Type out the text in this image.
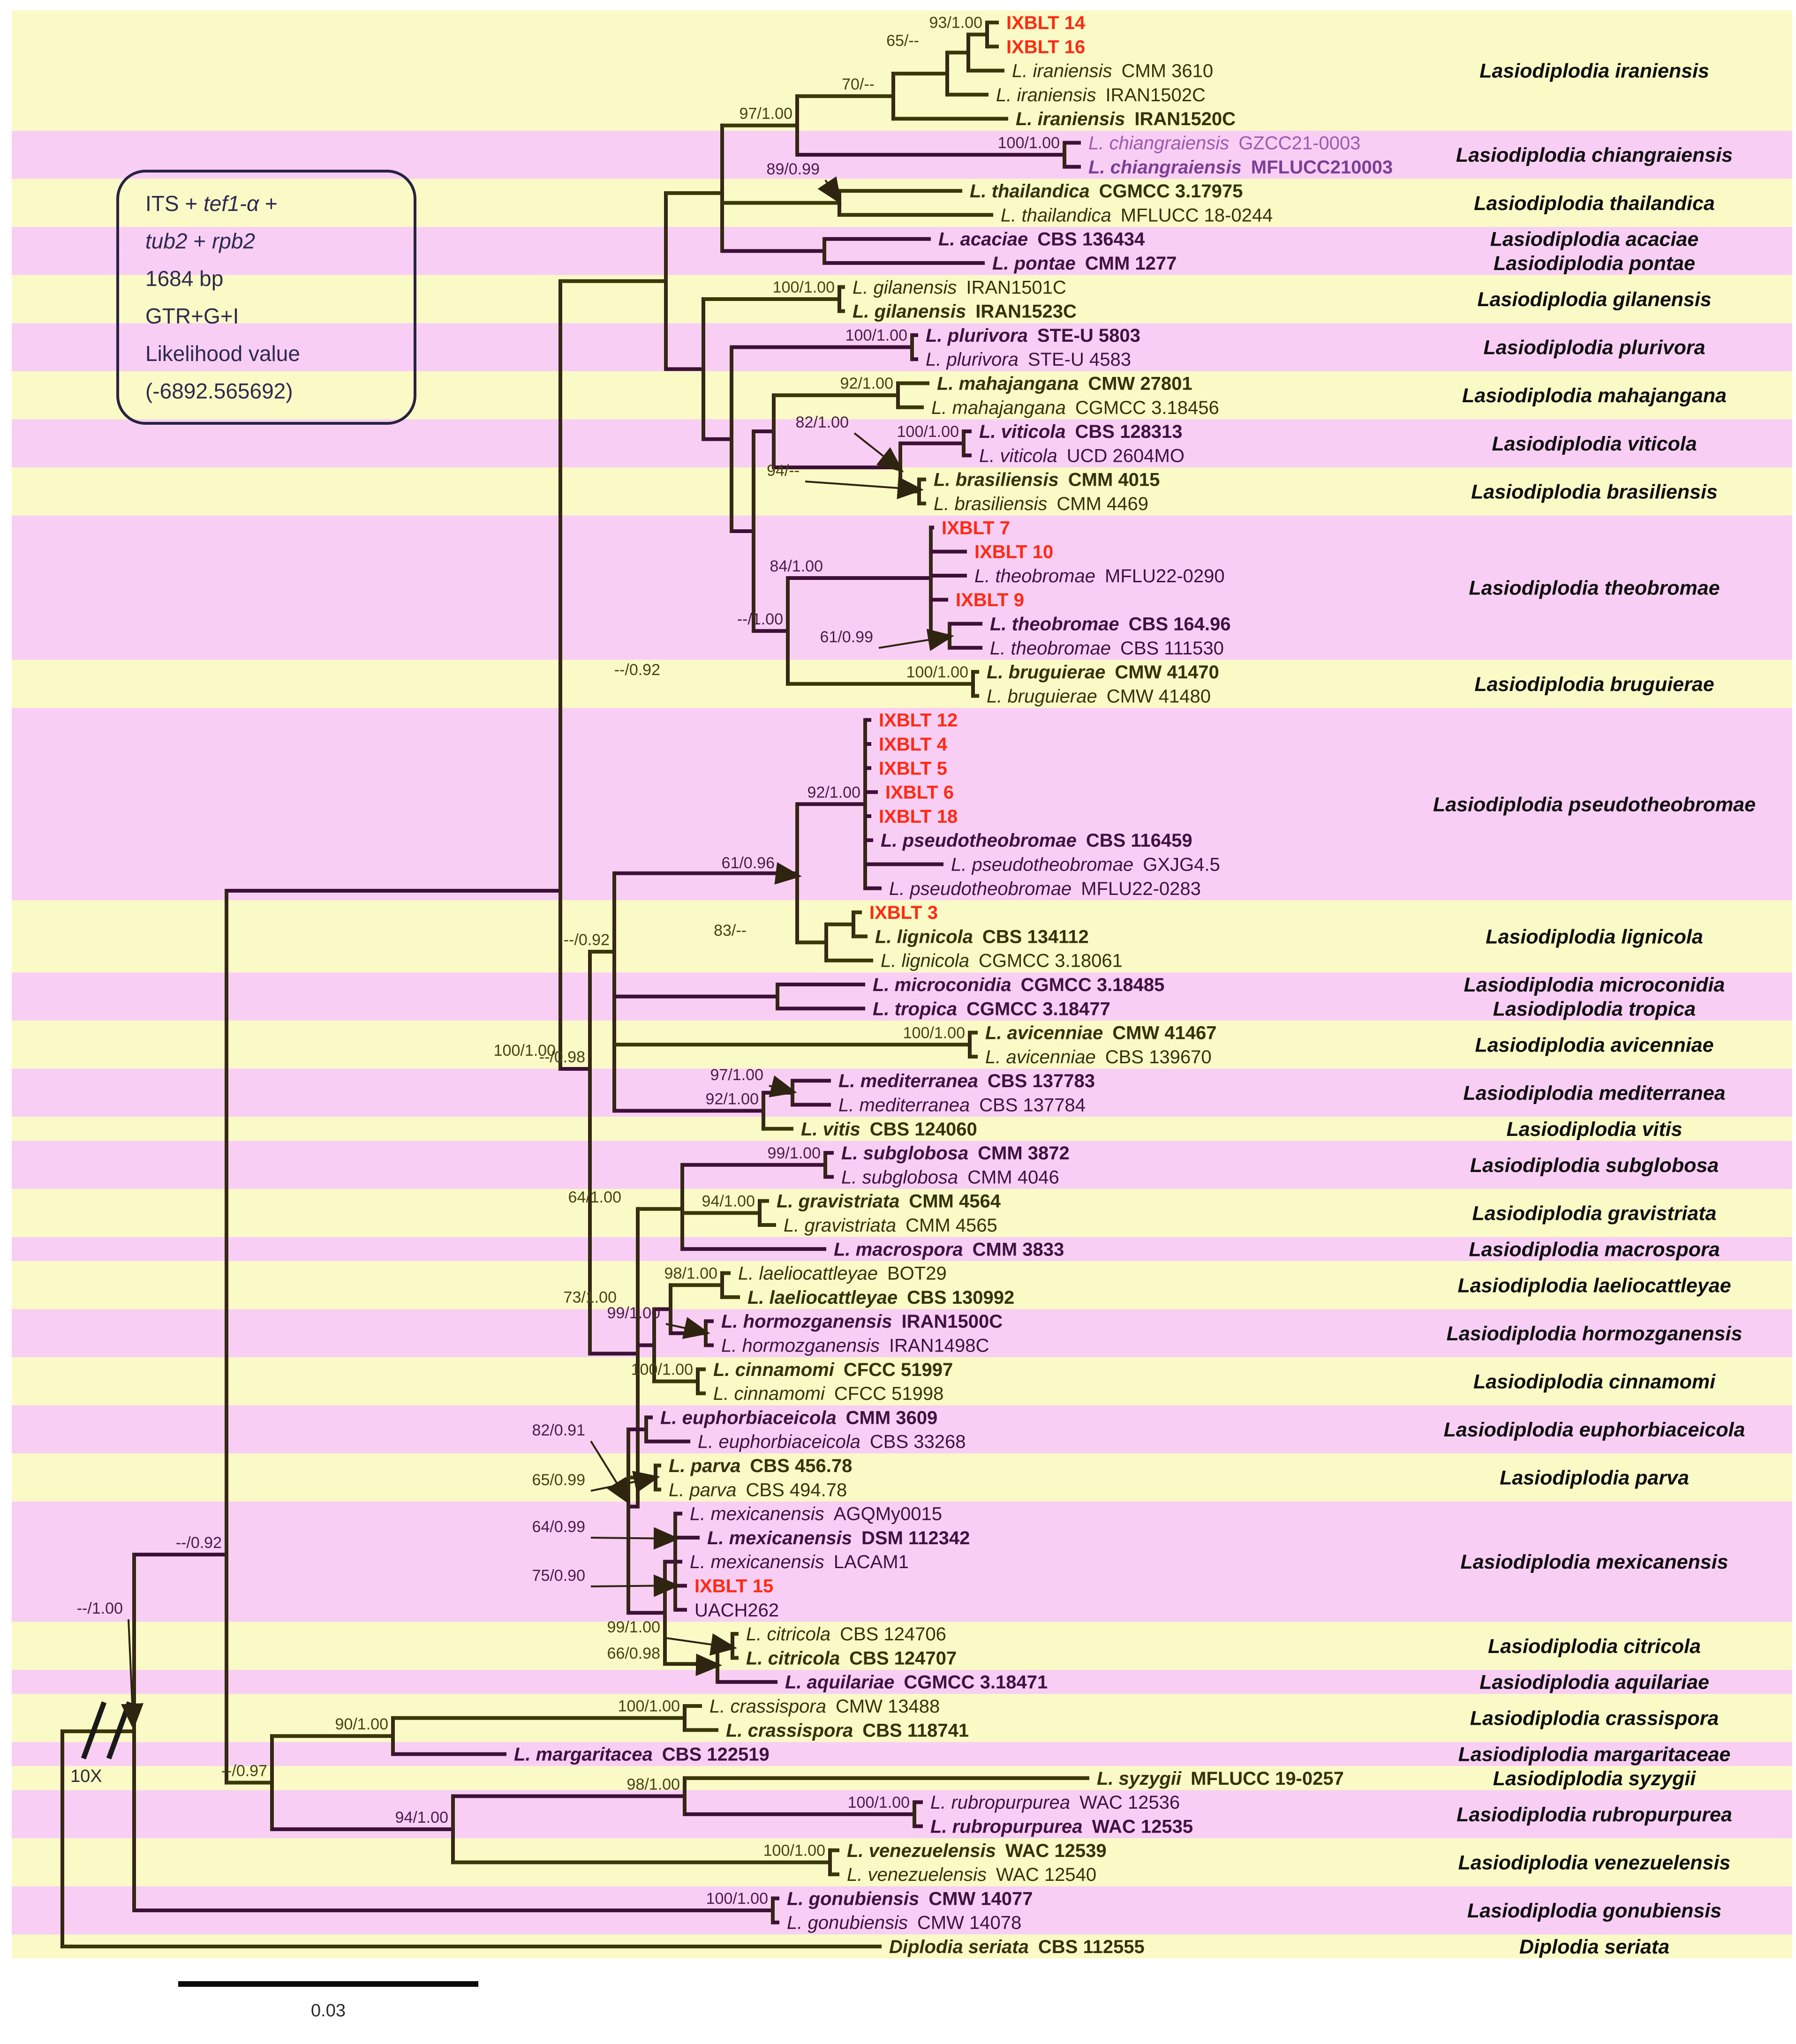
Lasiodiplodia iraniensis
Lasiodiplodia chiangraiensis
Lasiodiplodia thailandica
Lasiodiplodia acaciae
Lasiodiplodia pontae
Lasiodiplodia gilanensis
Lasiodiplodia plurivora
Lasiodiplodia mahajangana
Lasiodiplodia viticola
Lasiodiplodia brasiliensis
Lasiodiplodia theobromae
Lasiodiplodia bruguierae
Lasiodiplodia pseudotheobromae
Lasiodiplodia lignicola
Lasiodiplodia microconidia
Lasiodiplodia tropica
Lasiodiplodia avicenniae
Lasiodiplodia mediterranea
Lasiodiplodia vitis
Lasiodiplodia subglobosa
Lasiodiplodia gravistriata
Lasiodiplodia macrospora
Lasiodiplodia laeliocattleyae
Lasiodiplodia hormozganensis
Lasiodiplodia cinnamomi
Lasiodiplodia euphorbiaceicola
Lasiodiplodia parva
Lasiodiplodia mexicanensis
Lasiodiplodia citricola
Lasiodiplodia aquilariae
Lasiodiplodia crassispora
Lasiodiplodia margaritaceae
Lasiodiplodia syzygii
Lasiodiplodia rubropurpurea
Lasiodiplodia venezuelensis
Lasiodiplodia gonubiensis
Diplodia seriata
--/1.00
10X
--/0.92
100/1.00
97/1.00
70/--
65/--
93/1.00 IXBLT 14
IXBLT 16
L. iraniensis CMM 3610
L. iraniensis IRAN1502C
L. iraniensis IRAN1520C
100/1.00 L. chiangraiensis GZCC21-0003
L. chiangraiensis MFLUCC210003
89/0.99
L. thailandica CGMCC 3.17975
L. thailandica MFLUCC 18-0244
L. acaciae CBS 136434
L. pontae CMM 1277
100/1.00 L. gilanensis IRAN1501C
L. gilanensis IRAN1523C
100/1.00 L. plurivora STE-U 5803
L. plurivora STE-U 4583
92/1.00 L. mahajangana CMW 27801
L. mahajangana CGMCC 3.18456
82/1.00
100/1.00 L. viticola CBS 128313
L. viticola UCD 2604MO
94/--	L. brasiliensis CMM 4015
L. brasiliensis CMM 4469
--/1.00
84/1.00
IXBLT 7
IXBLT 10
L. theobromae MFLU22-0290
IXBLT 9
61/0.99
L. theobromae CBS 164.96
L. theobromae CBS 111530
100/1.00 L. bruguierae CMW 41470
L. bruguierae CMW 41480
--/0.98
--/0.92
61/0.96
92/1.00
IXBLT 12
IXBLT 4
IXBLT 5
IXBLT 6
IXBLT 18
L. pseudotheobromae CBS 116459
L. pseudotheobromae GXJG4.5
L. pseudotheobromae MFLU22-0283
83/--
IXBLT 3
L. lignicola CBS 134112
L. lignicola CGMCC 3.18061
L. microconidia CGMCC 3.18485
L. tropica CGMCC 3.18477
100/1.00 L. avicenniae CMW 41467
L. avicenniae CBS 139670
92/1.00
97/1.00	L. mediterranea CBS 137783
L. mediterranea CBS 137784
L. vitis CBS 124060
64/1.00
99/1.00 L. subglobosa CMM 3872
L. subglobosa CMM 4046
94/1.00 L. gravistriata CMM 4564
L. gravistriata CMM 4565
L. macrospora CMM 3833
73/1.00
98/1.00 L. laeliocattleyae BOT29
L. laeliocattleyae CBS 130992
99/1.00	L. hormozganensis IRAN1500C
L. hormozganensis IRAN1498C
100/1.00 L. cinnamomi CFCC 51997
L. cinnamomi CFCC 51998
82/0.91
L. euphorbiaceicola CMM 3609
L. euphorbiaceicola CBS 33268
65/0.99
L. parva CBS 456.78
L. parva CBS 494.78
L. mexicanensis AGQMy0015
L. mexicanensis DSM 112342
L. mexicanensis LACAM1
IXBLT 15
UACH262
L. citricola CBS 124706
L. citricola CBS 124707
L. aquilariae CGMCC 3.18471
--/0.97
90/1.00
100/1.00 L. crassispora CMW 13488
L. crassispora CBS 118741
L. margaritacea CBS 122519
94/1.00
98/1.00	L. syzygii MFLUCC 19-0257
100/1.00 L. rubropurpurea WAC 12536
L. rubropurpurea WAC 12535
100/1.00 L. venezuelensis WAC 12539
L. venezuelensis WAC 12540
100/1.00 L. gonubiensis CMW 14077
L. gonubiensis CMW 14078
Diplodia seriata CBS 112555
--/0.92
64/0.99
75/0.90
99/1.00
66/0.98
ITS + tef1-α +
tub2 + rpb2
1684 bp
GTR+G+I
Likelihood value
(-6892.565692)
0.03
